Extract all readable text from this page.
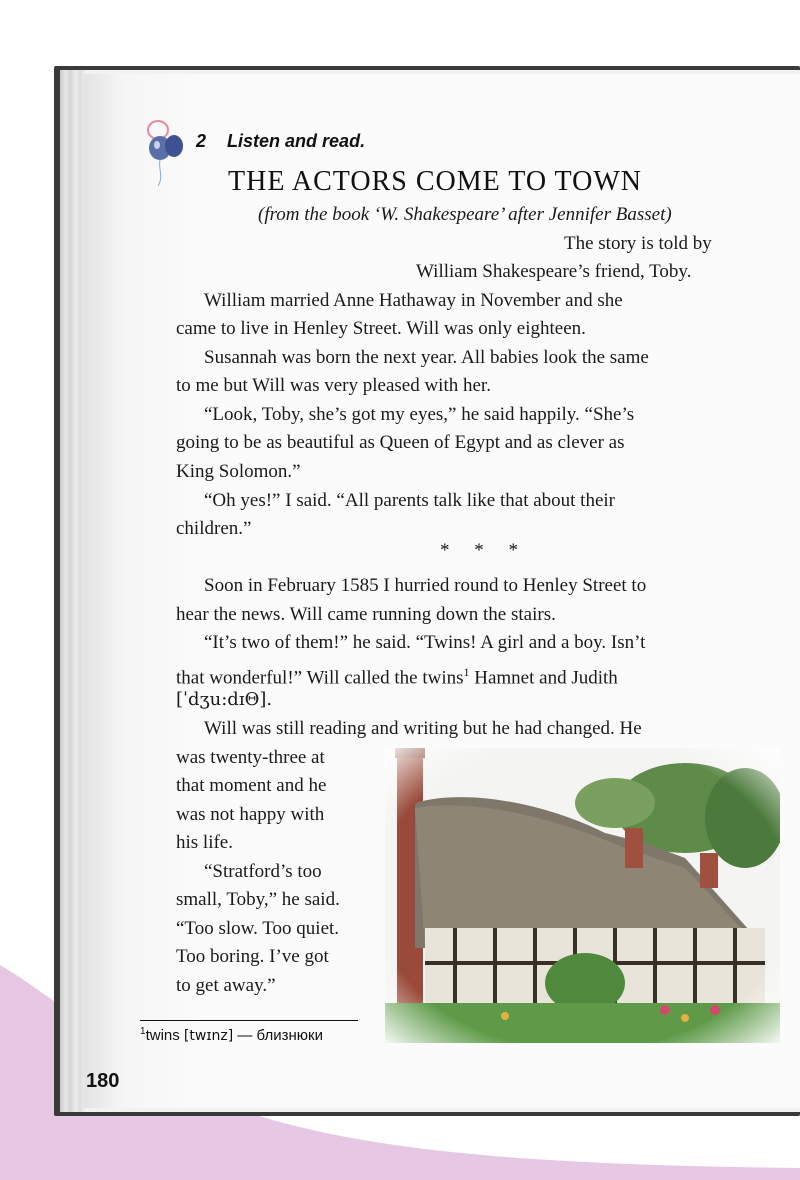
2 Listen and read.
THE ACTORS COME TO TOWN
(from the book ‘W. Shakespeare’ after Jennifer Basset)
The story is told by
William Shakespeare’s friend, Toby.
William married Anne Hathaway in November and she
came to live in Henley Street. Will was only eighteen.
Susannah was born the next year. All babies look the same
to me but Will was very pleased with her.
“Look, Toby, she’s got my eyes,” he said happily. “She’s
going to be as beautiful as Queen of Egypt and as clever as
King Solomon.”
“Oh yes!” I said. “All parents talk like that about their
children.”
* * *
Soon in February 1585 I hurried round to Henley Street to
hear the news. Will came running down the stairs.
“It’s two of them!” he said. “Twins! A girl and a boy. Isn’t
that wonderful!” Will called the twins$^1$ Hamnet and Judith
[ˈdʒu:dɪΘ].
Will was still reading and writing but he had changed. He
was twenty-three at
that moment and he
was not happy with
his life.
“Stratford’s too
small, Toby,” he said.
“Too slow. Too quiet.
Too boring. I’ve got
to get away.”
$^1$twins [twɪnz] — близнюки
180
